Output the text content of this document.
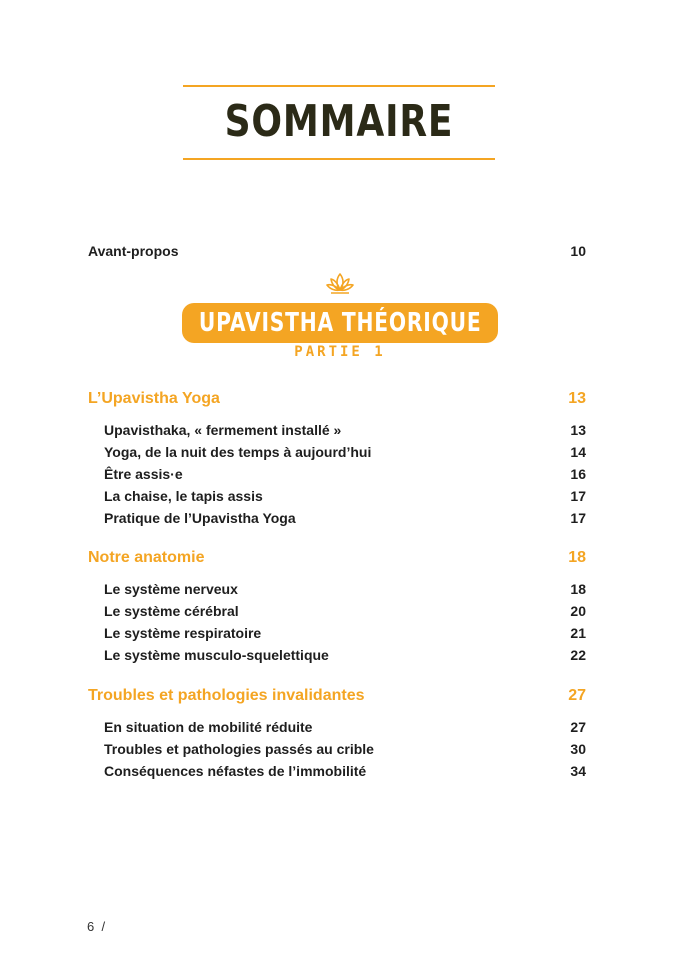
SOMMAIRE
Avant-propos	10
UPAVISTHA THÉORIQUE
PARTIE 1
L’Upavistha Yoga	13
Upavisthaka, « fermement installé »	13
Yoga, de la nuit des temps à aujourd’hui	14
Être assis·e	16
La chaise, le tapis assis	17
Pratique de l’Upavistha Yoga	17
Notre anatomie	18
Le système nerveux	18
Le système cérébral	20
Le système respiratoire	21
Le système musculo-squelettique	22
Troubles et pathologies invalidantes	27
En situation de mobilité réduite	27
Troubles et pathologies passés au crible	30
Conséquences néfastes de l’immobilité	34
6  /
